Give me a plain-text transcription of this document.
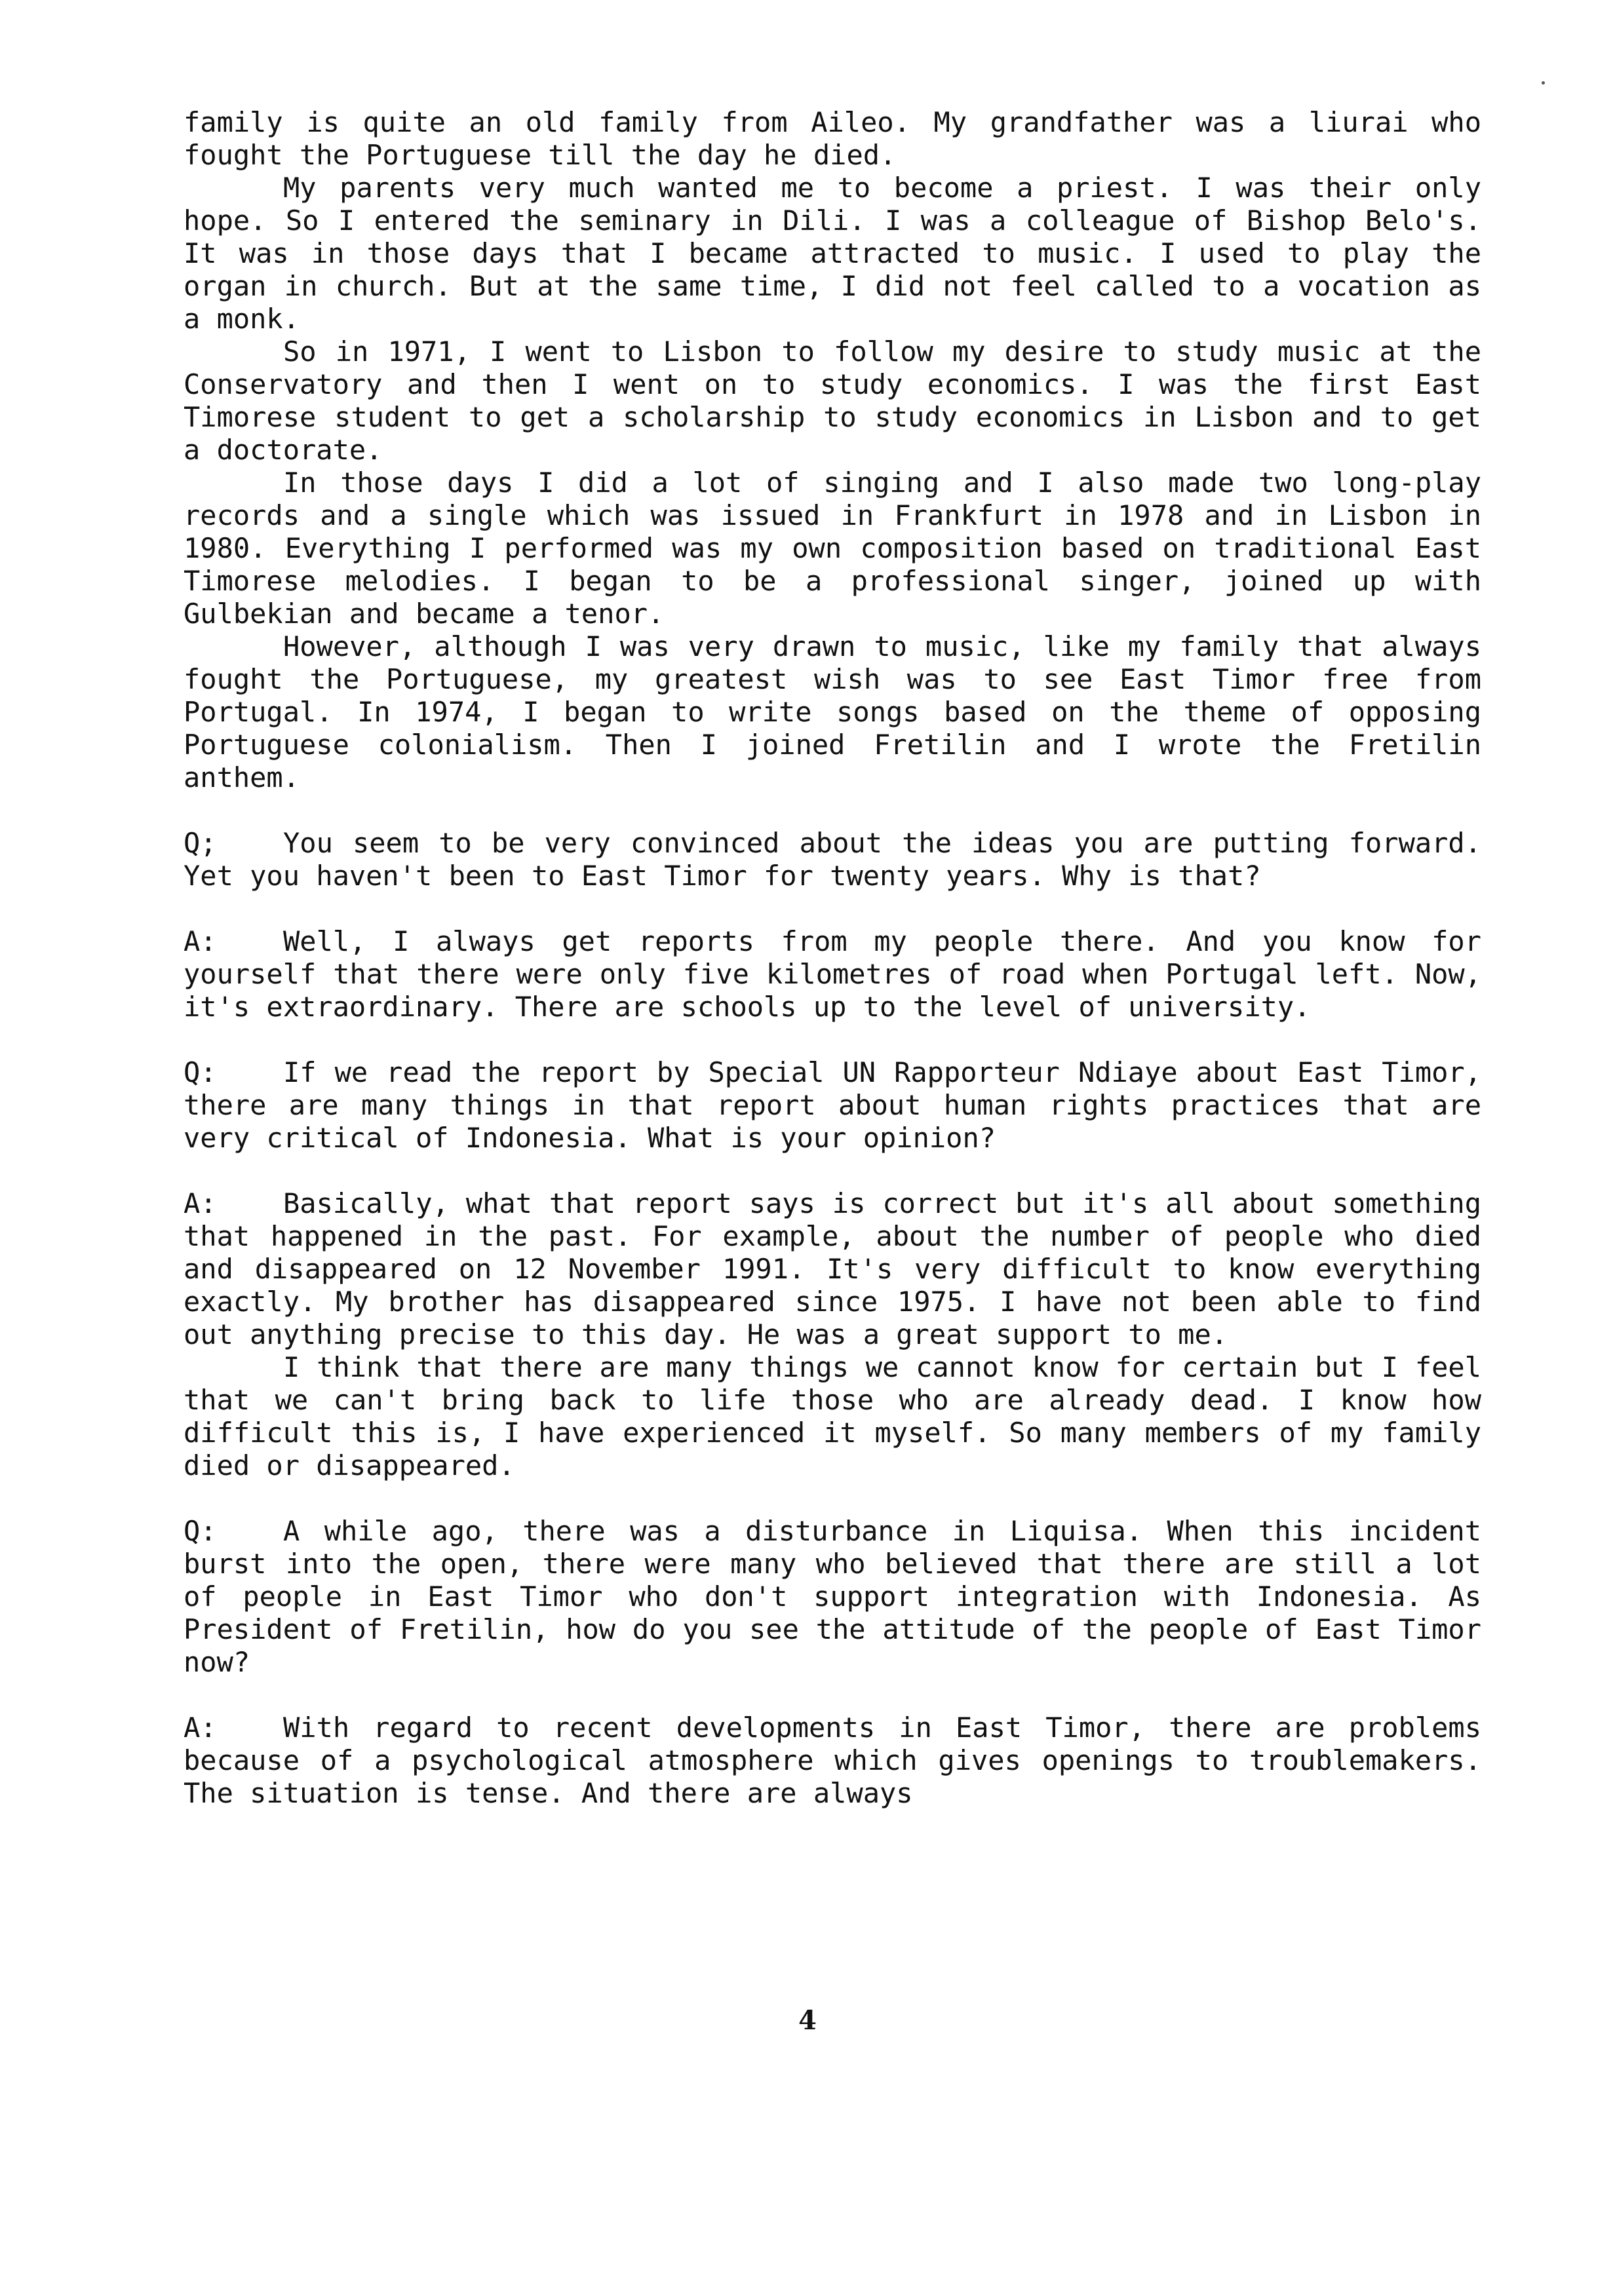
family is quite an old family from Aileo. My grandfather was a liurai who fought the Portuguese till the day he died.

My parents very much wanted me to become a priest. I was their only hope. So I entered the seminary in Dili. I was a colleague of Bishop Belo's. It was in those days that I became attracted to music. I used to play the organ in church. But at the same time, I did not feel called to a vocation as a monk.

So in 1971, I went to Lisbon to follow my desire to study music at the Conservatory and then I went on to study economics. I was the first East Timorese student to get a scholarship to study economics in Lisbon and to get a doctorate.

In those days I did a lot of singing and I also made two long-play records and a single which was issued in Frankfurt in 1978 and in Lisbon in 1980. Everything I performed was my own composition based on traditional East Timorese melodies. I began to be a professional singer, joined up with Gulbekian and became a tenor.

However, although I was very drawn to music, like my family that always fought the Portuguese, my greatest wish was to see East Timor free from Portugal. In 1974, I began to write songs based on the theme of opposing Portuguese colonialism. Then I joined Fretilin and I wrote the Fretilin anthem.

Q; You seem to be very convinced about the ideas you are putting forward. Yet you haven't been to East Timor for twenty years. Why is that?

A: Well, I always get reports from my people there. And you know for yourself that there were only five kilometres of road when Portugal left. Now, it's extraordinary. There are schools up to the level of university.

Q: If we read the report by Special UN Rapporteur Ndiaye about East Timor, there are many things in that report about human rights practices that are very critical of Indonesia. What is your opinion?

A: Basically, what that report says is correct but it's all about something that happened in the past. For example, about the number of people who died and disappeared on 12 November 1991. It's very difficult to know everything exactly. My brother has disappeared since 1975. I have not been able to find out anything precise to this day. He was a great support to me.

I think that there are many things we cannot know for certain but I feel that we can't bring back to life those who are already dead. I know how difficult this is, I have experienced it myself. So many members of my family died or disappeared.

Q: A while ago, there was a disturbance in Liquisa. When this incident burst into the open, there were many who believed that there are still a lot of people in East Timor who don't support integration with Indonesia. As President of Fretilin, how do you see the attitude of the people of East Timor now?

A: With regard to recent developments in East Timor, there are problems because of a psychological atmosphere which gives openings to troublemakers. The situation is tense. And there are always

4
